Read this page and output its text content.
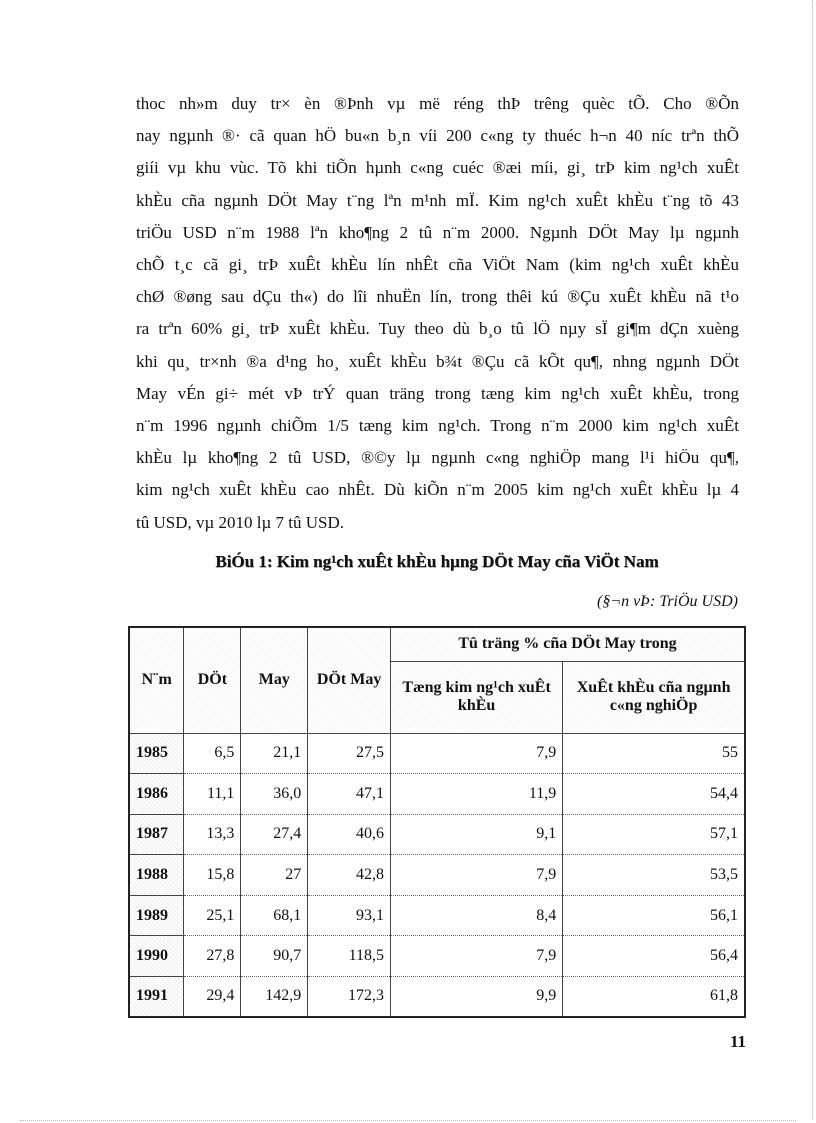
thoc nh»m duy tr× èn ®Þnh vµ më réng thÞ trêng quèc tÕ. Cho ®Õn
nay ngµnh ®· cã quan hÖ bu«n b¸n víi 200 c«ng ty thuéc h¬n 40 níc trªn thÕ
giíi vµ khu vùc. Tõ khi tiÕn hµnh c«ng cuéc ®æi míi, gi¸ trÞ kim ng¹ch xuÊt
khÈu cña ngµnh DÖt May t¨ng lªn m¹nh mÏ. Kim ng¹ch xuÊt khÈu t¨ng tõ 43
triÖu USD n¨m 1988 lªn kho¶ng 2 tû n¨m 2000. Ngµnh DÖt May lµ ngµnh
chÕ t¸c cã gi¸ trÞ xuÊt khÈu lín nhÊt cña ViÖt Nam (kim ng¹ch xuÊt khÈu
chØ ®øng sau dÇu th«) do lîi nhuËn lín, trong thêi kú ®Çu xuÊt khÈu nã t¹o
ra trªn 60% gi¸ trÞ xuÊt khÈu. Tuy theo dù b¸o tû lÖ nµy sÏ gi¶m dÇn xuèng
khi qu¸ tr×nh ®a d¹ng ho¸ xuÊt khÈu b¾t ®Çu cã kÕt qu¶, nhng ngµnh DÖt
May vÉn gi÷ mét vÞ trÝ quan träng trong tæng kim ng¹ch xuÊt khÈu, trong
n¨m 1996 ngµnh chiÕm 1/5 tæng kim ng¹ch. Trong n¨m 2000 kim ng¹ch xuÊt
khÈu lµ kho¶ng 2 tû USD, ®©y lµ ngµnh c«ng nghiÖp mang l¹i hiÖu qu¶,
kim ng¹ch xuÊt khÈu cao nhÊt. Dù kiÕn n¨m 2005 kim ng¹ch xuÊt khÈu lµ 4
tû USD, vµ 2010 lµ 7 tû USD.
BiÓu 1: Kim ng¹ch xuÊt khÈu hµng DÖt May cña ViÖt Nam
(§¬n vÞ: TriÖu USD)
N¨m	DÖt	May	DÖt May	Tû träng % cña DÖt May trong	
				Tæng kim ng¹ch xuÊt khÈu	XuÊt khÈu cña ngµnh c«ng nghiÖp
1985	6,5	21,1	27,5	7,9	55
1986	11,1	36,0	47,1	11,9	54,4
1987	13,3	27,4	40,6	9,1	57,1
1988	15,8	27	42,8	7,9	53,5
1989	25,1	68,1	93,1	8,4	56,1
1990	27,8	90,7	118,5	7,9	56,4
1991	29,4	142,9	172,3	9,9	61,8
11
